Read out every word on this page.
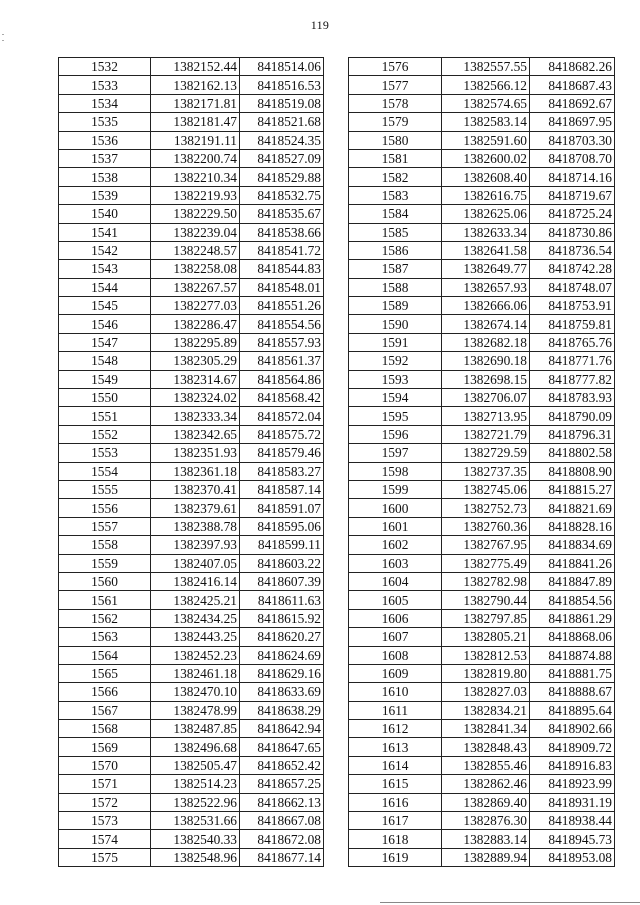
119
1532	1382152.44	8418514.06
1533	1382162.13	8418516.53
1534	1382171.81	8418519.08
1535	1382181.47	8418521.68
1536	1382191.11	8418524.35
1537	1382200.74	8418527.09
1538	1382210.34	8418529.88
1539	1382219.93	8418532.75
1540	1382229.50	8418535.67
1541	1382239.04	8418538.66
1542	1382248.57	8418541.72
1543	1382258.08	8418544.83
1544	1382267.57	8418548.01
1545	1382277.03	8418551.26
1546	1382286.47	8418554.56
1547	1382295.89	8418557.93
1548	1382305.29	8418561.37
1549	1382314.67	8418564.86
1550	1382324.02	8418568.42
1551	1382333.34	8418572.04
1552	1382342.65	8418575.72
1553	1382351.93	8418579.46
1554	1382361.18	8418583.27
1555	1382370.41	8418587.14
1556	1382379.61	8418591.07
1557	1382388.78	8418595.06
1558	1382397.93	8418599.11
1559	1382407.05	8418603.22
1560	1382416.14	8418607.39
1561	1382425.21	8418611.63
1562	1382434.25	8418615.92
1563	1382443.25	8418620.27
1564	1382452.23	8418624.69
1565	1382461.18	8418629.16
1566	1382470.10	8418633.69
1567	1382478.99	8418638.29
1568	1382487.85	8418642.94
1569	1382496.68	8418647.65
1570	1382505.47	8418652.42
1571	1382514.23	8418657.25
1572	1382522.96	8418662.13
1573	1382531.66	8418667.08
1574	1382540.33	8418672.08
1575	1382548.96	8418677.14
1576	1382557.55	8418682.26
1577	1382566.12	8418687.43
1578	1382574.65	8418692.67
1579	1382583.14	8418697.95
1580	1382591.60	8418703.30
1581	1382600.02	8418708.70
1582	1382608.40	8418714.16
1583	1382616.75	8418719.67
1584	1382625.06	8418725.24
1585	1382633.34	8418730.86
1586	1382641.58	8418736.54
1587	1382649.77	8418742.28
1588	1382657.93	8418748.07
1589	1382666.06	8418753.91
1590	1382674.14	8418759.81
1591	1382682.18	8418765.76
1592	1382690.18	8418771.76
1593	1382698.15	8418777.82
1594	1382706.07	8418783.93
1595	1382713.95	8418790.09
1596	1382721.79	8418796.31
1597	1382729.59	8418802.58
1598	1382737.35	8418808.90
1599	1382745.06	8418815.27
1600	1382752.73	8418821.69
1601	1382760.36	8418828.16
1602	1382767.95	8418834.69
1603	1382775.49	8418841.26
1604	1382782.98	8418847.89
1605	1382790.44	8418854.56
1606	1382797.85	8418861.29
1607	1382805.21	8418868.06
1608	1382812.53	8418874.88
1609	1382819.80	8418881.75
1610	1382827.03	8418888.67
1611	1382834.21	8418895.64
1612	1382841.34	8418902.66
1613	1382848.43	8418909.72
1614	1382855.46	8418916.83
1615	1382862.46	8418923.99
1616	1382869.40	8418931.19
1617	1382876.30	8418938.44
1618	1382883.14	8418945.73
1619	1382889.94	8418953.08
